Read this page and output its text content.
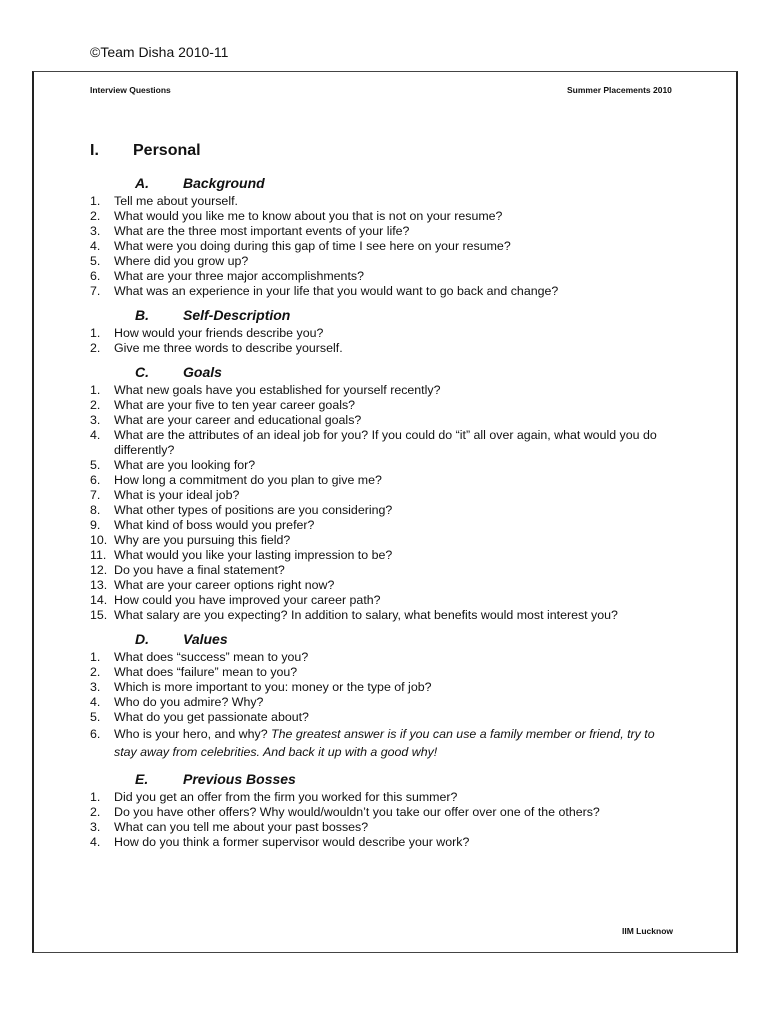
©Team Disha 2010-11
Interview Questions	Summer Placements 2010
I. Personal
A. Background
1.	Tell me about yourself.
2.	What would you like me to know about you that is not on your resume?
3.	What are the three most important events of your life?
4.	What were you doing during this gap of time I see here on your resume?
5.	Where did you grow up?
6.	What are your three major accomplishments?
7.	What was an experience in your life that you would want to go back and change?
B. Self-Description
1.	How would your friends describe you?
2.	Give me three words to describe yourself.
C. Goals
1.	What new goals have you established for yourself recently?
2.	What are your five to ten year career goals?
3.	What are your career and educational goals?
4.	What are the attributes of an ideal job for you? If you could do “it” all over again, what would you do differently?
5.	What are you looking for?
6.	How long a commitment do you plan to give me?
7.	What is your ideal job?
8.	What other types of positions are you considering?
9.	What kind of boss would you prefer?
10. Why are you pursuing this field?
11. What would you like your lasting impression to be?
12. Do you have a final statement?
13. What are your career options right now?
14. How could you have improved your career path?
15. What salary are you expecting? In addition to salary, what benefits would most interest you?
D. Values
1.	What does “success” mean to you?
2.	What does “failure” mean to you?
3.	Which is more important to you: money or the type of job?
4.	Who do you admire? Why?
5.	What do you get passionate about?
6.	Who is your hero, and why? The greatest answer is if you can use a family member or friend, try to stay away from celebrities. And back it up with a good why!
E. Previous Bosses
1.	Did you get an offer from the firm you worked for this summer?
2.	Do you have other offers? Why would/wouldn’t you take our offer over one of the others?
3.	What can you tell me about your past bosses?
4.	How do you think a former supervisor would describe your work?
IIM Lucknow
